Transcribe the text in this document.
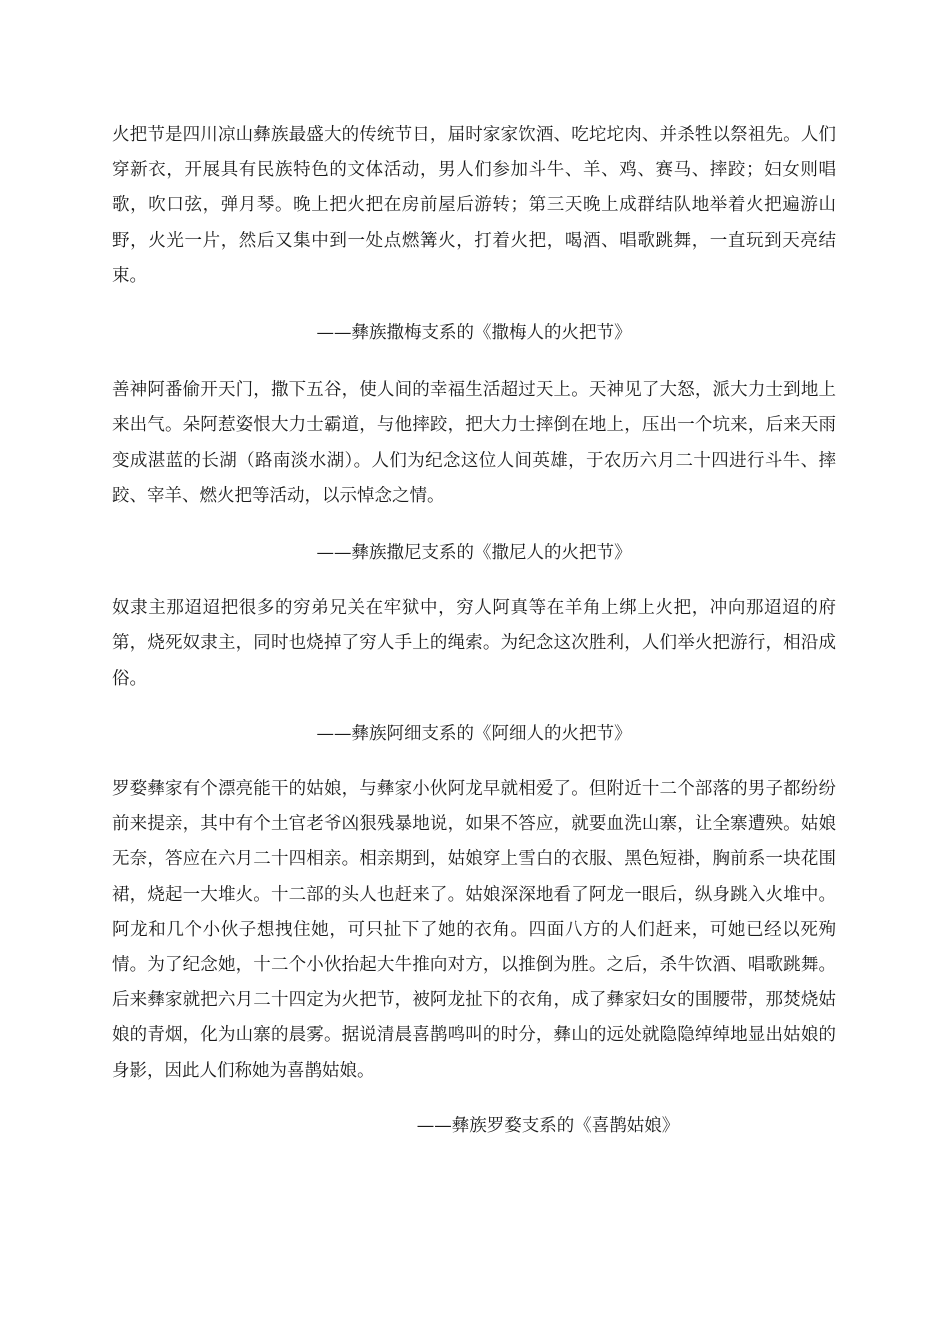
火把节是四川凉山彝族最盛大的传统节日，届时家家饮酒、吃坨坨肉、并杀牲以祭祖先。人们穿新衣，开展具有民族特色的文体活动，男人们参加斗牛、羊、鸡、赛马、摔跤；妇女则唱歌，吹口弦，弹月琴。晚上把火把在房前屋后游转；第三天晚上成群结队地举着火把遍游山野，火光一片，然后又集中到一处点燃篝火，打着火把，喝酒、唱歌跳舞，一直玩到天亮结束。

——彝族撒梅支系的《撒梅人的火把节》

善神阿番偷开天门，撒下五谷，使人间的幸福生活超过天上。天神见了大怒，派大力士到地上来出气。朵阿惹姿恨大力士霸道，与他摔跤，把大力士摔倒在地上，压出一个坑来，后来天雨变成湛蓝的长湖（路南淡水湖）。人们为纪念这位人间英雄，于农历六月二十四进行斗牛、摔跤、宰羊、燃火把等活动，以示悼念之情。

——彝族撒尼支系的《撒尼人的火把节》

奴隶主那迢迢把很多的穷弟兄关在牢狱中，穷人阿真等在羊角上绑上火把，冲向那迢迢的府第，烧死奴隶主，同时也烧掉了穷人手上的绳索。为纪念这次胜利，人们举火把游行，相沿成俗。

——彝族阿细支系的《阿细人的火把节》

罗婺彝家有个漂亮能干的姑娘，与彝家小伙阿龙早就相爱了。但附近十二个部落的男子都纷纷前来提亲，其中有个土官老爷凶狠残暴地说，如果不答应，就要血洗山寨，让全寨遭殃。姑娘无奈，答应在六月二十四相亲。相亲期到，姑娘穿上雪白的衣服、黑色短褂，胸前系一块花围裙，烧起一大堆火。十二部的头人也赶来了。姑娘深深地看了阿龙一眼后，纵身跳入火堆中。阿龙和几个小伙子想拽住她，可只扯下了她的衣角。四面八方的人们赶来，可她已经以死殉情。为了纪念她，十二个小伙抬起大牛推向对方，以推倒为胜。之后，杀牛饮酒、唱歌跳舞。后来彝家就把六月二十四定为火把节，被阿龙扯下的衣角，成了彝家妇女的围腰带，那焚烧姑娘的青烟，化为山寨的晨雾。据说清晨喜鹊鸣叫的时分，彝山的远处就隐隐绰绰地显出姑娘的身影，因此人们称她为喜鹊姑娘。

——彝族罗婺支系的《喜鹊姑娘》
